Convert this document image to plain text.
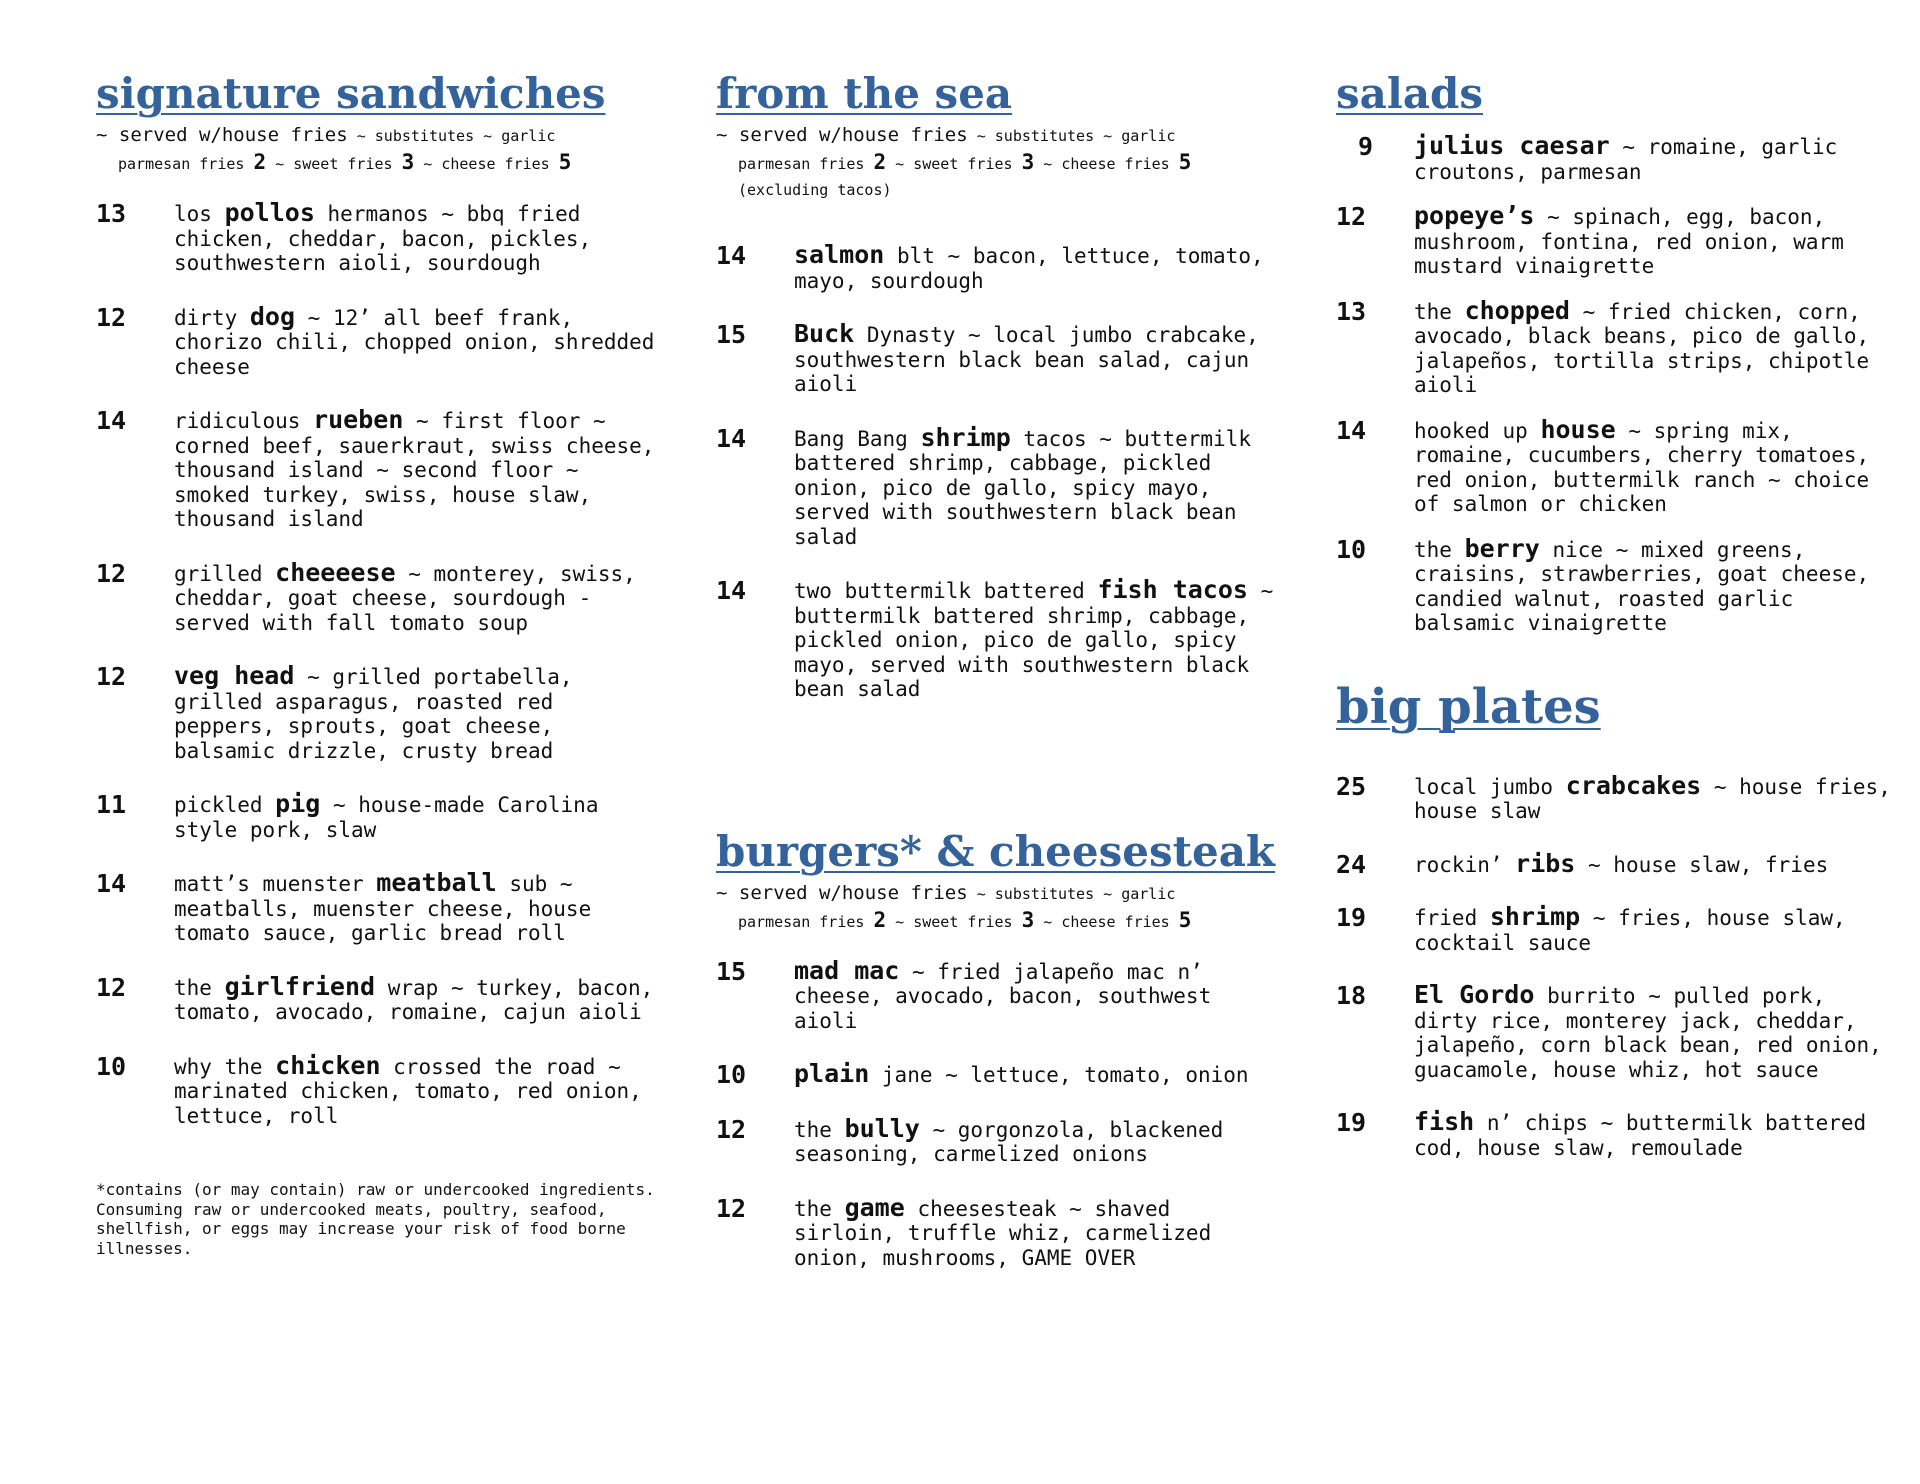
signature sandwiches
~ served w/house fries ~ substitutes ~ garlic
parmesan fries 2 ~ sweet fries 3 ~ cheese fries 5
13 los pollos hermanos ~ bbq fried chicken, cheddar, bacon, pickles, southwestern aioli, sourdough
12 dirty dog ~ 12’ all beef frank, chorizo chili, chopped onion, shredded cheese
14 ridiculous rueben ~ first floor ~ corned beef, sauerkraut, swiss cheese, thousand island ~ second floor ~ smoked turkey, swiss, house slaw, thousand island
12 grilled cheeeese ~ monterey, swiss, cheddar, goat cheese, sourdough - served with fall tomato soup
12 veg head ~ grilled portabella, grilled asparagus, roasted red peppers, sprouts, goat cheese, balsamic drizzle, crusty bread
11 pickled pig ~ house-made Carolina style pork, slaw
14 matt’s muenster meatball sub ~ meatballs, muenster cheese, house tomato sauce, garlic bread roll
12 the girlfriend wrap ~ turkey, bacon, tomato, avocado, romaine, cajun aioli
10 why the chicken crossed the road ~ marinated chicken, tomato, red onion, lettuce, roll
*contains (or may contain) raw or undercooked ingredients. Consuming raw or undercooked meats, poultry, seafood, shellfish, or eggs may increase your risk of food borne illnesses.
from the sea
~ served w/house fries ~ substitutes ~ garlic
parmesan fries 2 ~ sweet fries 3 ~ cheese fries 5
(excluding tacos)
14 salmon blt ~ bacon, lettuce, tomato, mayo, sourdough
15 Buck Dynasty ~ local jumbo crabcake, southwestern black bean salad, cajun aioli
14 Bang Bang shrimp tacos ~ buttermilk battered shrimp, cabbage, pickled onion, pico de gallo, spicy mayo, served with southwestern black bean salad
14 two buttermilk battered fish tacos ~ buttermilk battered shrimp, cabbage, pickled onion, pico de gallo, spicy mayo, served with southwestern black bean salad
burgers* & cheesesteak
~ served w/house fries ~ substitutes ~ garlic
parmesan fries 2 ~ sweet fries 3 ~ cheese fries 5
15 mad mac ~ fried jalapeño mac n’ cheese, avocado, bacon, southwest aioli
10 plain jane ~ lettuce, tomato, onion
12 the bully ~ gorgonzola, blackened seasoning, carmelized onions
12 the game cheesesteak ~ shaved sirloin, truffle whiz, carmelized onion, mushrooms, GAME OVER
salads
9 julius caesar ~ romaine, garlic croutons, parmesan
12 popeye’s ~ spinach, egg, bacon, mushroom, fontina, red onion, warm mustard vinaigrette
13 the chopped ~ fried chicken, corn, avocado, black beans, pico de gallo, jalapeños, tortilla strips, chipotle aioli
14 hooked up house ~ spring mix, romaine, cucumbers, cherry tomatoes, red onion, buttermilk ranch ~ choice of salmon or chicken
10 the berry nice ~ mixed greens, craisins, strawberries, goat cheese, candied walnut, roasted garlic balsamic vinaigrette
big plates
25 local jumbo crabcakes ~ house fries, house slaw
24 rockin’ ribs ~ house slaw, fries
19 fried shrimp ~ fries, house slaw, cocktail sauce
18 El Gordo burrito ~ pulled pork, dirty rice, monterey jack, cheddar, jalapeño, corn black bean, red onion, guacamole, house whiz, hot sauce
19 fish n’ chips ~ buttermilk battered cod, house slaw, remoulade
